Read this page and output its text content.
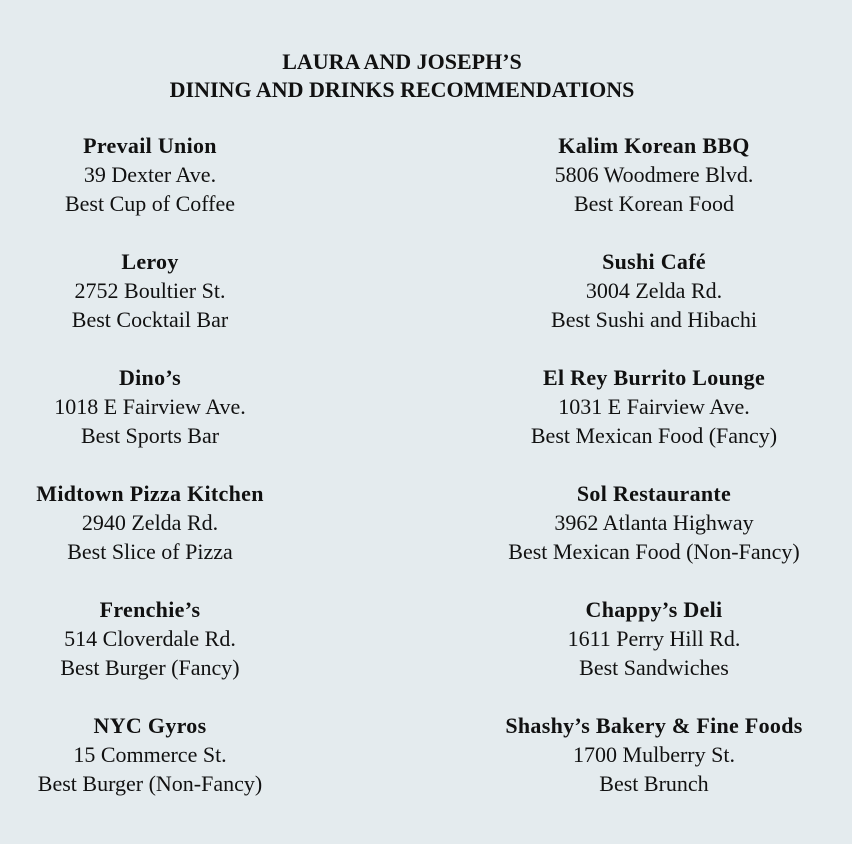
LAURA AND JOSEPH’S
DINING AND DRINKS RECOMMENDATIONS
Prevail Union
39 Dexter Ave.
Best Cup of Coffee
Leroy
2752 Boultier St.
Best Cocktail Bar
Dino’s
1018 E Fairview Ave.
Best Sports Bar
Midtown Pizza Kitchen
2940 Zelda Rd.
Best Slice of Pizza
Frenchie’s
514 Cloverdale Rd.
Best Burger (Fancy)
NYC Gyros
15 Commerce St.
Best Burger (Non-Fancy)
Kalim Korean BBQ
5806 Woodmere Blvd.
Best Korean Food
Sushi Café
3004 Zelda Rd.
Best Sushi and Hibachi
El Rey Burrito Lounge
1031 E Fairview Ave.
Best Mexican Food (Fancy)
Sol Restaurante
3962 Atlanta Highway
Best Mexican Food (Non-Fancy)
Chappy’s Deli
1611 Perry Hill Rd.
Best Sandwiches
Shashy’s Bakery & Fine Foods
1700 Mulberry St.
Best Brunch
